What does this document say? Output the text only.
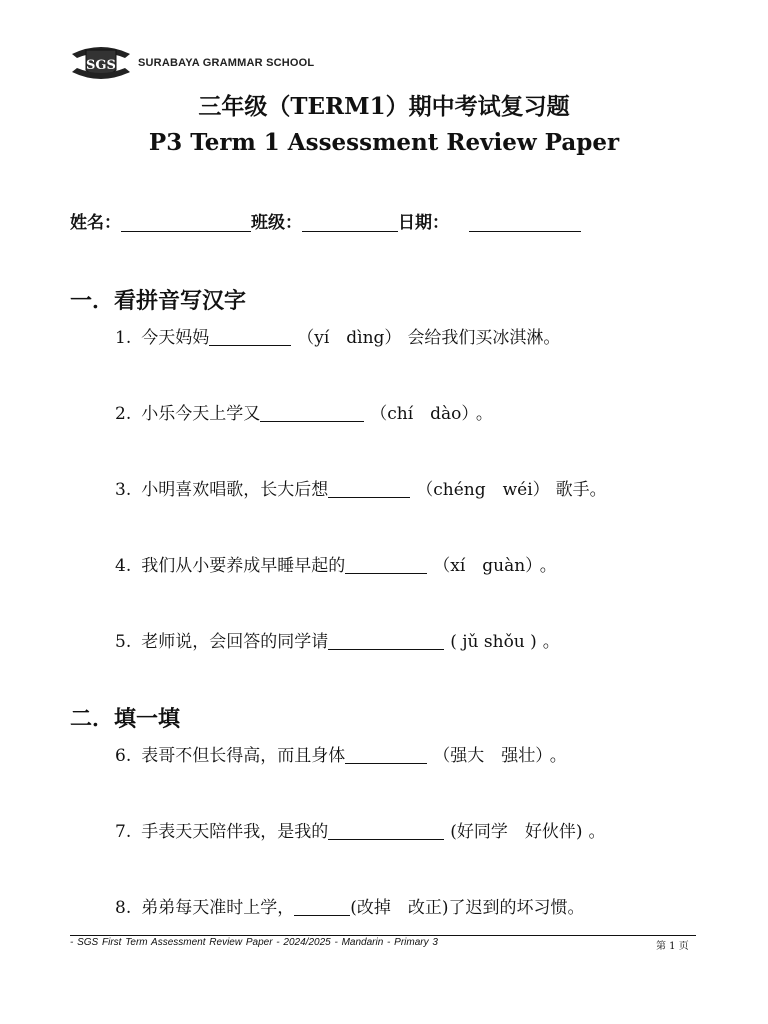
SGS SURABAYA GRAMMAR SCHOOL
三年级（TERM1）期中考试复习题
P3 Term 1 Assessment Review Paper
姓名：	班级：	日期：
一．看拼音写汉字
1. 今天妈妈	（yí　dìng） 会给我们买冰淇淋。
2. 小乐今天上学又	（chí　dào） 。
3. 小明喜欢唱歌，长大后想	（chéng　wéi） 歌手。
4. 我们从小要养成早睡早起的	（xí　guàn） 。
5. 老师说，会回答的同学请	( jǔ shǒu ) 。
二．填一填
6. 表哥不但长得高，而且身体	（强大　强壮） 。
7. 手表天天陪伴我，是我的	(好同学　好伙伴) 。
8. 弟弟每天准时上学，	(改掉　改正)了迟到的坏习惯。
- SGS First Term Assessment Review Paper - 2024/2025 - Mandarin - Primary 3	第 1 页
